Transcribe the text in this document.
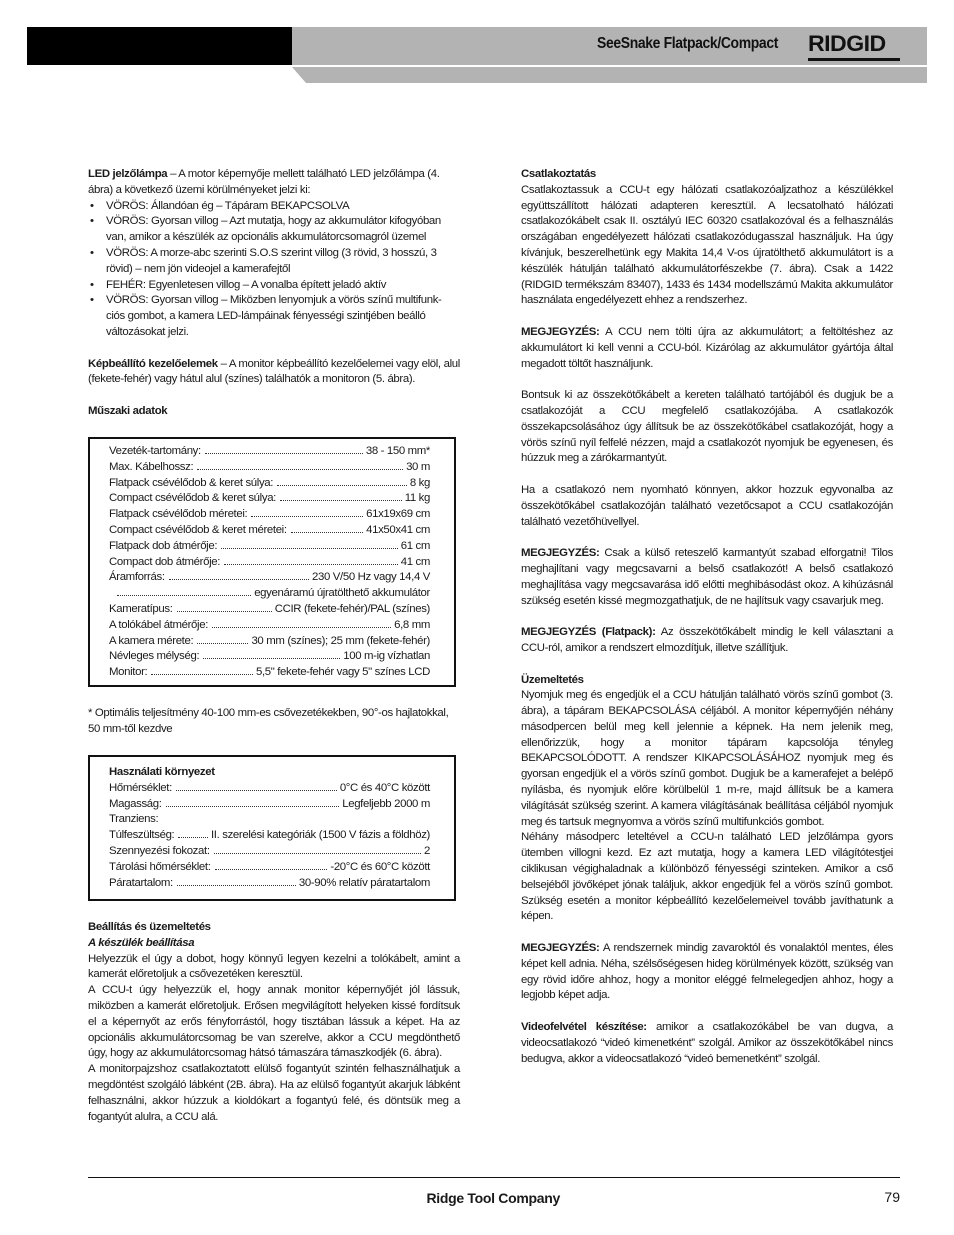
SeeSnake Flatpack/Compact RIDGID

LED jelzőlámpa – A motor képernyője mellett található LED jelzőlámpa (4. ábra) a következő üzemi körülményeket jelzi ki:

• VÖRÖS: Állandóan ég – Tápáram BEKAPCSOLVA
• VÖRÖS: Gyorsan villog – Azt mutatja, hogy az akkumulátor kifogyóban van, amikor a készülék az opcionális akkumulátorcsomagról üzemel
• VÖRÖS: A morze-abc szerinti S.O.S szerint villog (3 rövid, 3 hosszú, 3 rövid) – nem jön videojel a kamerafejtől
• FEHÉR: Egyenletesen villog – A vonalba épített jeladó aktív
• VÖRÖS: Gyorsan villog – Miközben lenyomjuk a vörös színű multifunk-ciós gombot, a kamera LED-lámpáinak fényességi szintjében beálló változásokat jelzi.

Képbeállító kezelőelemek – A monitor képbeállító kezelőelemei vagy elöl, alul (fekete-fehér) vagy hátul alul (színes) találhatók a monitoron (5. ábra).

Műszaki adatok

Vezeték-tartomány:	38 - 150 mm*
Max. Kábelhossz:	30 m
Flatpack csévélődob & keret súlya:	8 kg
Compact csévélődob & keret súlya:	11 kg
Flatpack csévélődob méretei:	61x19x69 cm
Compact csévélődob & keret méretei:	41x50x41 cm
Flatpack dob átmérője:	61 cm
Compact dob átmérője:	41 cm
Áramforrás:	230 V/50 Hz vagy 14,4 V
egyenáramú újratölthető akkumulátor
Kameratípus:	CCIR (fekete-fehér)/PAL (színes)
A tolókábel átmérője:	6,8 mm
A kamera mérete:	30 mm (színes); 25 mm (fekete-fehér)
Névleges mélység:	100 m-ig vízhatlan
Monitor:	5,5" fekete-fehér vagy 5" színes LCD
* Optimális teljesítmény 40-100 mm-es csővezetékekben, 90°-os hajlatokkal, 50 mm-től kezdve
Használati környezet
Hőmérséklet:	0°C és 40°C között
Magasság:	Legfeljebb 2000 m
Tranziens:
Túlfeszültség:	II. szerelési kategóriák (1500 V fázis a földhöz)
Szennyezési fokozat:	2
Tárolási hőmérséklet:	-20°C és 60°C között
Páratartalom:	30-90% relatív páratartalom

Beállítás és üzemeltetés

A készülék beállítása

Helyezzük el úgy a dobot, hogy könnyű legyen kezelni a tolókábelt, amint a kamerát előretoljuk a csővezetéken keresztül.

A CCU-t úgy helyezzük el, hogy annak monitor képernyőjét jól lássuk, miközben a kamerát előretoljuk. Erősen megvilágított helyeken kissé fordítsuk el a képernyőt az erős fényforrástól, hogy tisztában lássuk a képet. Ha az opcionális akkumulátorcsomag be van szerelve, akkor a CCU megdönthető úgy, hogy az akkumulátorcsomag hátsó támaszára támaszkodjék (6. ábra).

A monitorpajzshoz csatlakoztatott elülső fogantyút szintén felhasználhatjuk a megdöntést szolgáló lábként (2B. ábra). Ha az elülső fogantyút akarjuk lábként felhasználni, akkor húzzuk a kioldókart a fogantyú felé, és döntsük meg a fogantyút alulra, a CCU alá.

Csatlakoztatás

Csatlakoztassuk a CCU-t egy hálózati csatlakozóaljzathoz a készülékkel együttszállított hálózati adapteren keresztül. A lecsatolható hálózati csatlakozókábelt csak II. osztályú IEC 60320 csatlakozóval és a felhasználás országában engedélyezett hálózati csatlakozódugasszal használjuk. Ha úgy kívánjuk, beszerelhetünk egy Makita 14,4 V-os újratölthető akkumulátort is a készülék hátulján található akkumulátorfészekbe (7. ábra). Csak a 1422 (RIDGID termékszám 83407), 1433 és 1434 modellszámú Makita akkumulátor használata engedélyezett ehhez a rendszerhez.

MEGJEGYZÉS: A CCU nem tölti újra az akkumulátort; a feltöltéshez az akkumulátort ki kell venni a CCU-ból. Kizárólag az akkumulátor gyártója által megadott töltőt használjunk.

Bontsuk ki az összekötőkábelt a kereten található tartójából és dugjuk be a csatlakozóját a CCU megfelelő csatlakozójába. A csatlakozók összekapcsolásához úgy állítsuk be az összekötőkábel csatlakozóját, hogy a vörös színű nyíl felfelé nézzen, majd a csatlakozót nyomjuk be egyenesen, és húzzuk meg a zárókarmantyút.

Ha a csatlakozó nem nyomható könnyen, akkor hozzuk egyvonalba az összekötőkábel csatlakozóján található vezetőcsapot a CCU csatlakozóján található vezetőhüvellyel.

MEGJEGYZÉS: Csak a külső reteszelő karmantyút szabad elforgatni! Tilos meghajlítani vagy megcsavarni a belső csatlakozót! A belső csatlakozó meghajlítása vagy megcsavarása idő előtti meghibásodást okoz. A kihúzásnál szükség esetén kissé megmozgathatjuk, de ne hajlítsuk vagy csavarjuk meg.

MEGJEGYZÉS (Flatpack): Az összekötőkábelt mindig le kell választani a CCU-ról, amikor a rendszert elmozdítjuk, illetve szállítjuk.

Üzemeltetés

Nyomjuk meg és engedjük el a CCU hátulján található vörös színű gombot (3. ábra), a tápáram BEKAPCSOLÁSA céljából. A monitor képernyőjén néhány másodpercen belül meg kell jelennie a képnek. Ha nem jelenik meg, ellenőrizzük, hogy a monitor tápáram kapcsolója tényleg BEKAPCSOLÓDOTT. A rendszer KIKAPCSOLÁSÁHOZ nyomjuk meg és gyorsan engedjük el a vörös színű gombot. Dugjuk be a kamerafejet a belépő nyílásba, és nyomjuk előre körülbelül 1 m-re, majd állítsuk be a kamera világítását szükség szerint. A kamera világításának beállítása céljából nyomjuk meg és tartsuk megnyomva a vörös színű multifunkciós gombot.

Néhány másodperc leteltével a CCU-n található LED jelzőlámpa gyors ütemben villogni kezd. Ez azt mutatja, hogy a kamera LED világítótestjei ciklikusan végighaladnak a különböző fényességi szinteken. Amikor a cső belsejéből jövőképet jónak találjuk, akkor engedjük fel a vörös színű gombot. Szükség esetén a monitor képbeállító kezelőelemeivel tovább javíthatunk a képen.

MEGJEGYZÉS: A rendszernek mindig zavaroktól és vonalaktól mentes, éles képet kell adnia. Néha, szélsőségesen hideg körülmények között, szükség van egy rövid időre ahhoz, hogy a monitor eléggé felmelegedjen ahhoz, hogy a legjobb képet adja.

Videofelvétel készítése: amikor a csatlakozókábel be van dugva, a videocsatlakozó “videó kimenetként” szolgál. Amikor az összekötőkábel nincs bedugva, akkor a videocsatlakozó “videó bemenetként” szolgál.

Ridge Tool Company	79
